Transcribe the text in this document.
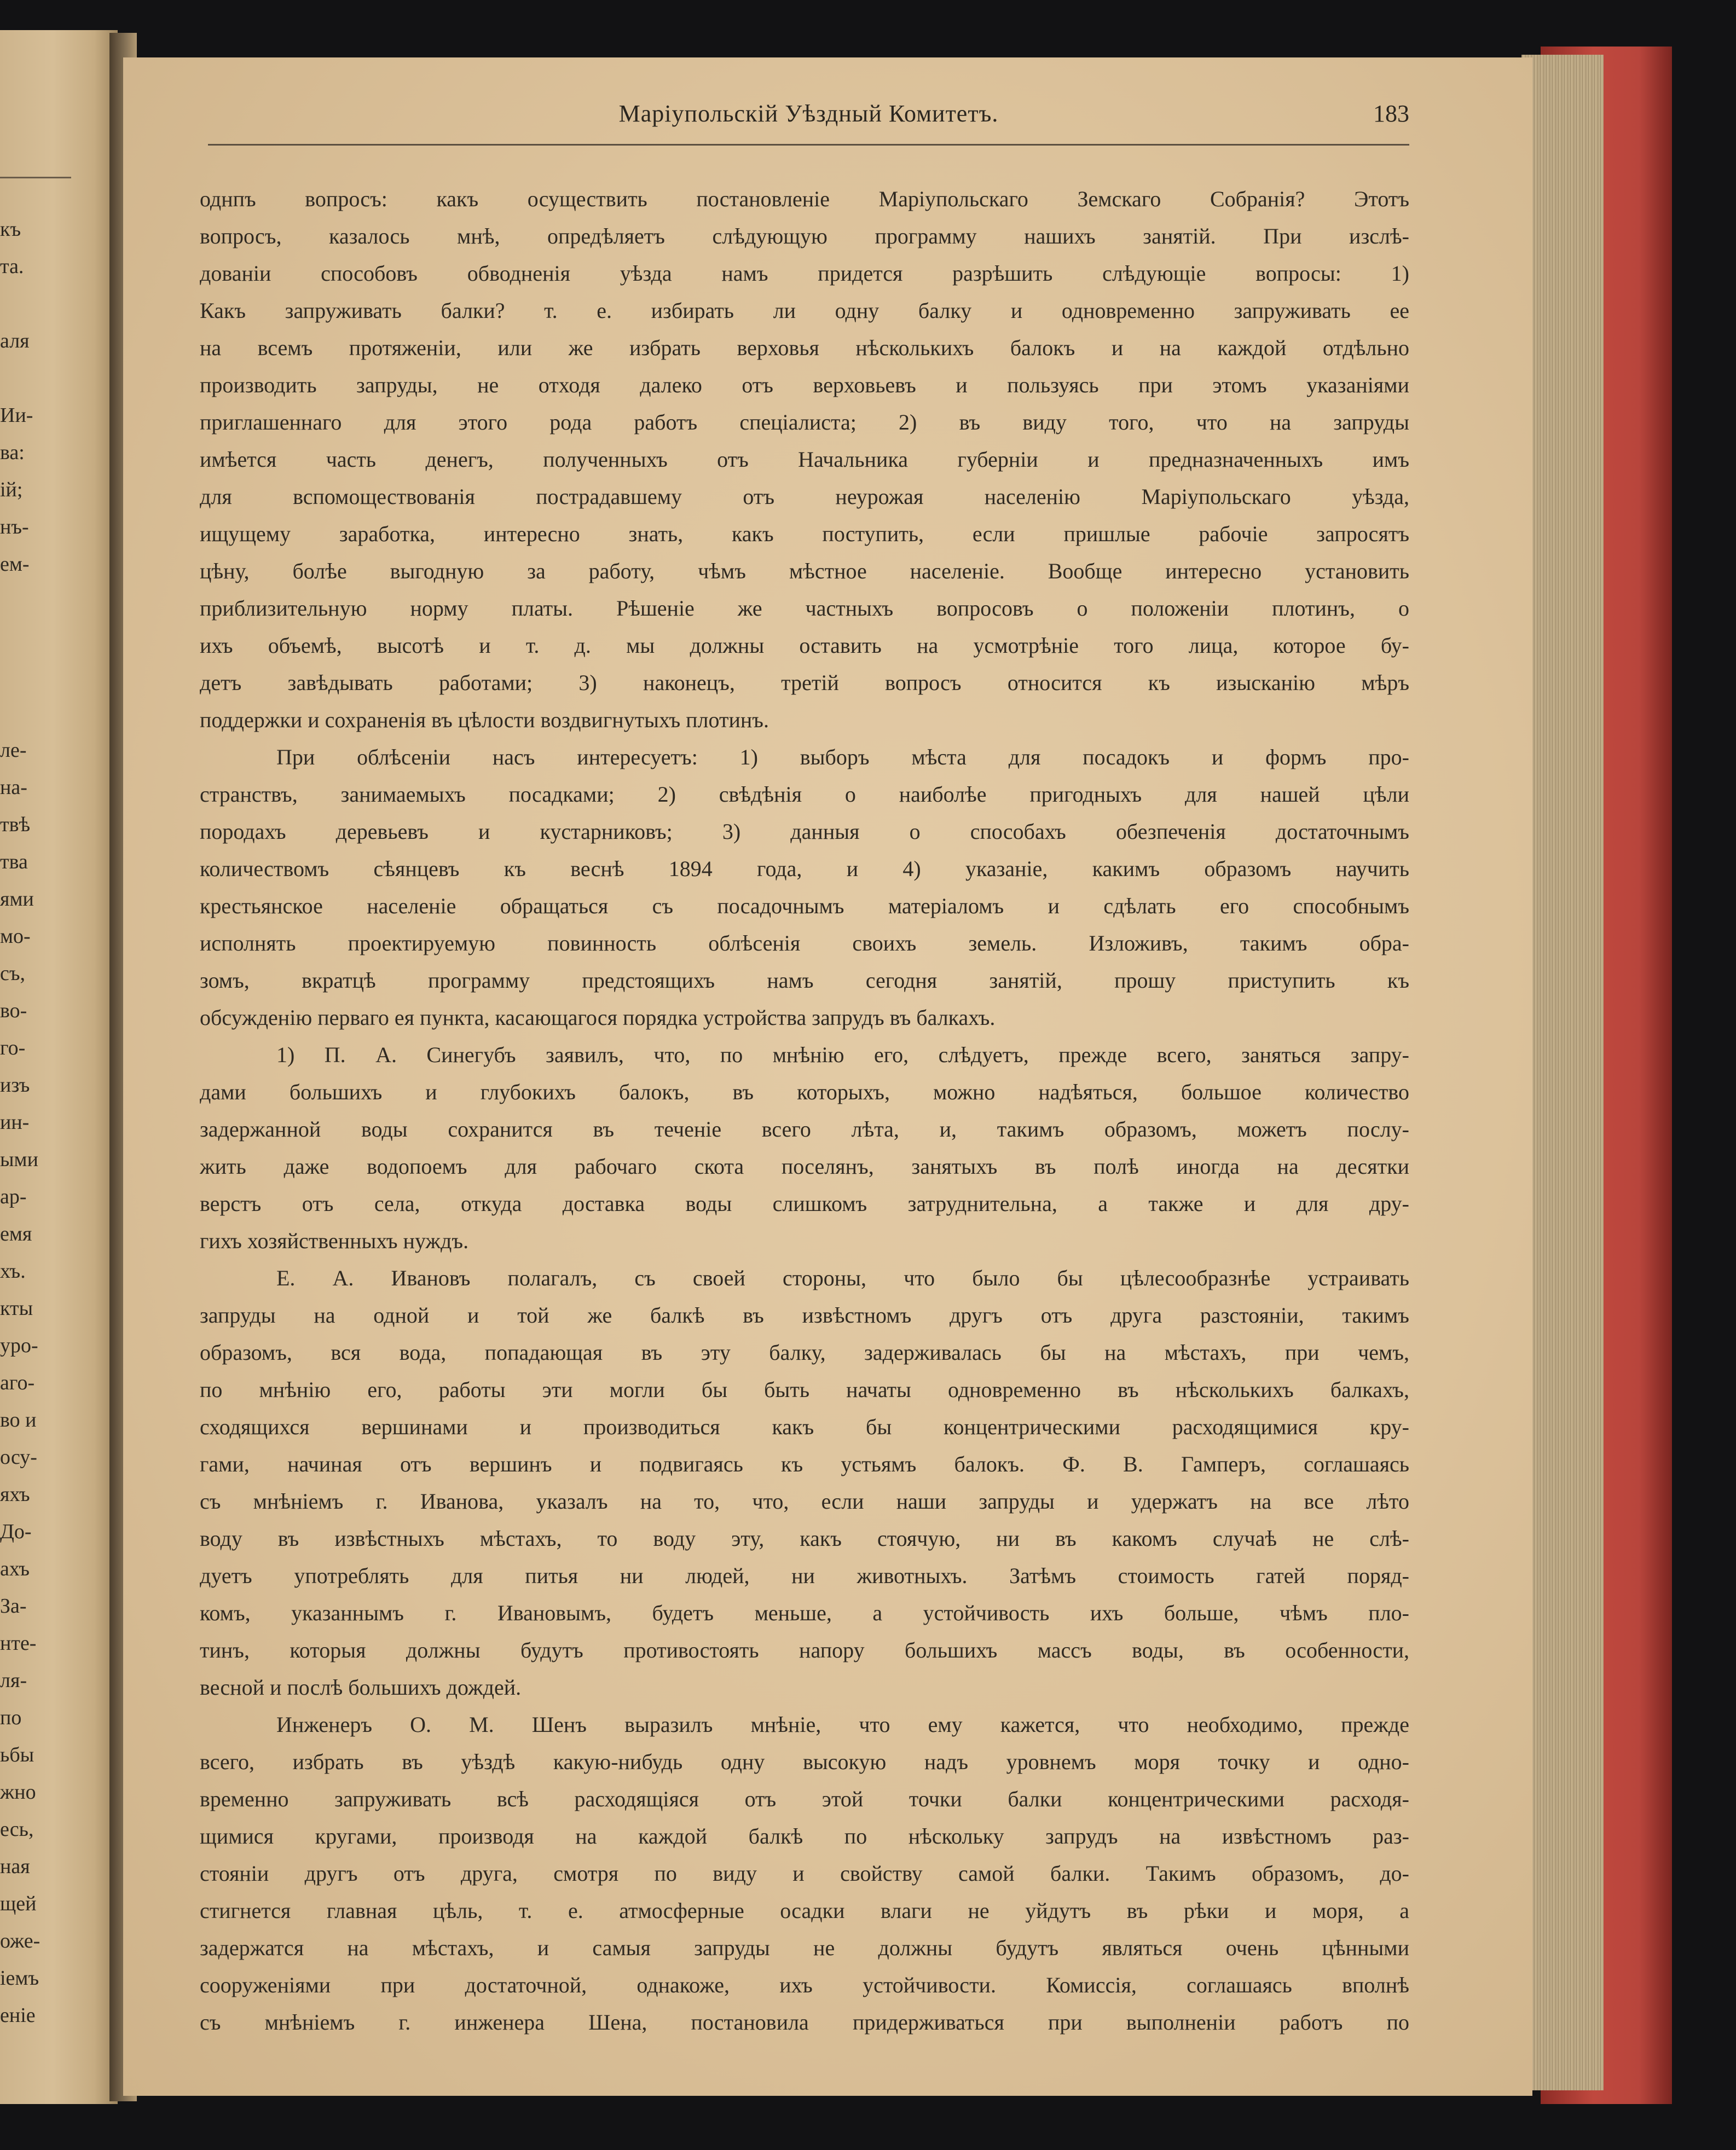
къ
та.
аля
Ии-
ва:
ій;
нъ-
ем-
ле-
на-
твѣ
тва
ями
мо-
съ,
во-
го-
изъ
ин-
ыми
ар-
емя
хъ.
кты
уро-
аго-
во и
осу-
яхъ
До-
ахъ
За-
нте-
ля-
по
ьбы
жно
есь,
ная
щей
оже-
іемъ
еніе
Маріупольскій Уѣздный Комитетъ.	183
однпъ вопросъ: какъ осуществить постановленіе Маріупольскаго Земскаго Собранія? Этотъ
вопросъ, казалось мнѣ, опредѣляетъ слѣдующую программу нашихъ занятій. При изслѣ-
дованіи способовъ обводненія уѣзда намъ придется разрѣшить слѣдующіе вопросы: 1)
Какъ запруживать балки? т. е. избирать ли одну балку и одновременно запруживать ее
на всемъ протяженіи, или же избрать верховья нѣсколькихъ балокъ и на каждой отдѣльно
производить запруды, не отходя далеко отъ верховьевъ и пользуясь при этомъ указаніями
приглашеннаго для этого рода работъ спеціалиста; 2) въ виду того, что на запруды
имѣется часть денегъ, полученныхъ отъ Начальника губерніи и предназначенныхъ имъ
для вспомоществованія пострадавшему отъ неурожая населенію Маріупольскаго уѣзда,
ищущему заработка, интересно знать, какъ поступить, если пришлые рабочіе запросятъ
цѣну, болѣе выгодную за работу, чѣмъ мѣстное населеніе. Вообще интересно установить
приблизительную норму платы. Рѣшеніе же частныхъ вопросовъ о положеніи плотинъ, о
ихъ объемѣ, высотѣ и т. д. мы должны оставить на усмотрѣніе того лица, которое бу-
детъ завѣдывать работами; 3) наконецъ, третій вопросъ относится къ изысканію мѣръ
поддержки и сохраненія въ цѣлости воздвигнутыхъ плотинъ.
При облѣсеніи насъ интересуетъ: 1) выборъ мѣста для посадокъ и формъ про-
странствъ, занимаемыхъ посадками; 2) свѣдѣнія о наиболѣе пригодныхъ для нашей цѣли
породахъ деревьевъ и кустарниковъ; 3) данныя о способахъ обезпеченія достаточнымъ
количествомъ сѣянцевъ къ веснѣ 1894 года, и 4) указаніе, какимъ образомъ научить
крестьянское населеніе обращаться съ посадочнымъ матеріаломъ и сдѣлать его способнымъ
исполнять проектируемую повинность облѣсенія своихъ земель. Изложивъ, такимъ обра-
зомъ, вкратцѣ программу предстоящихъ намъ сегодня занятій, прошу приступить къ
обсужденію перваго ея пункта, касающагося порядка устройства запрудъ въ балкахъ.
1) П. А. Синегубъ заявилъ, что, по мнѣнію его, слѣдуетъ, прежде всего, заняться запру-
дами большихъ и глубокихъ балокъ, въ которыхъ, можно надѣяться, большое количество
задержанной воды сохранится въ теченіе всего лѣта, и, такимъ образомъ, можетъ послу-
жить даже водопоемъ для рабочаго скота поселянъ, занятыхъ въ полѣ иногда на десятки
верстъ отъ села, откуда доставка воды слишкомъ затруднительна, а также и для дру-
гихъ хозяйственныхъ нуждъ.
Е. А. Ивановъ полагалъ, съ своей стороны, что было бы цѣлесообразнѣе устраивать
запруды на одной и той же балкѣ въ извѣстномъ другъ отъ друга разстояніи, такимъ
образомъ, вся вода, попадающая въ эту балку, задерживалась бы на мѣстахъ, при чемъ,
по мнѣнію его, работы эти могли бы быть начаты одновременно въ нѣсколькихъ балкахъ,
сходящихся вершинами и производиться какъ бы концентрическими расходящимися кру-
гами, начиная отъ вершинъ и подвигаясь къ устьямъ балокъ. Ф. В. Гамперъ, соглашаясь
съ мнѣніемъ г. Иванова, указалъ на то, что, если наши запруды и удержатъ на все лѣто
воду въ извѣстныхъ мѣстахъ, то воду эту, какъ стоячую, ни въ какомъ случаѣ не слѣ-
дуетъ употреблять для питья ни людей, ни животныхъ. Затѣмъ стоимость гатей поряд-
комъ, указаннымъ г. Ивановымъ, будетъ меньше, а устойчивость ихъ больше, чѣмъ пло-
тинъ, которыя должны будутъ противостоять напору большихъ массъ воды, въ особенности,
весной и послѣ большихъ дождей.
Инженеръ О. М. Шенъ выразилъ мнѣніе, что ему кажется, что необходимо, прежде
всего, избрать въ уѣздѣ какую-нибудь одну высокую надъ уровнемъ моря точку и одно-
временно запруживать всѣ расходящіяся отъ этой точки балки концентрическими расходя-
щимися кругами, производя на каждой балкѣ по нѣскольку запрудъ на извѣстномъ раз-
стояніи другъ отъ друга, смотря по виду и свойству самой балки. Такимъ образомъ, до-
стигнется главная цѣль, т. е. атмосферные осадки влаги не уйдутъ въ рѣки и моря, а
задержатся на мѣстахъ, и самыя запруды не должны будутъ являться очень цѣнными
сооруженіями при достаточной, однакоже, ихъ устойчивости. Комиссія, соглашаясь вполнѣ
съ мнѣніемъ г. инженера Шена, постановила придерживаться при выполненіи работъ по
